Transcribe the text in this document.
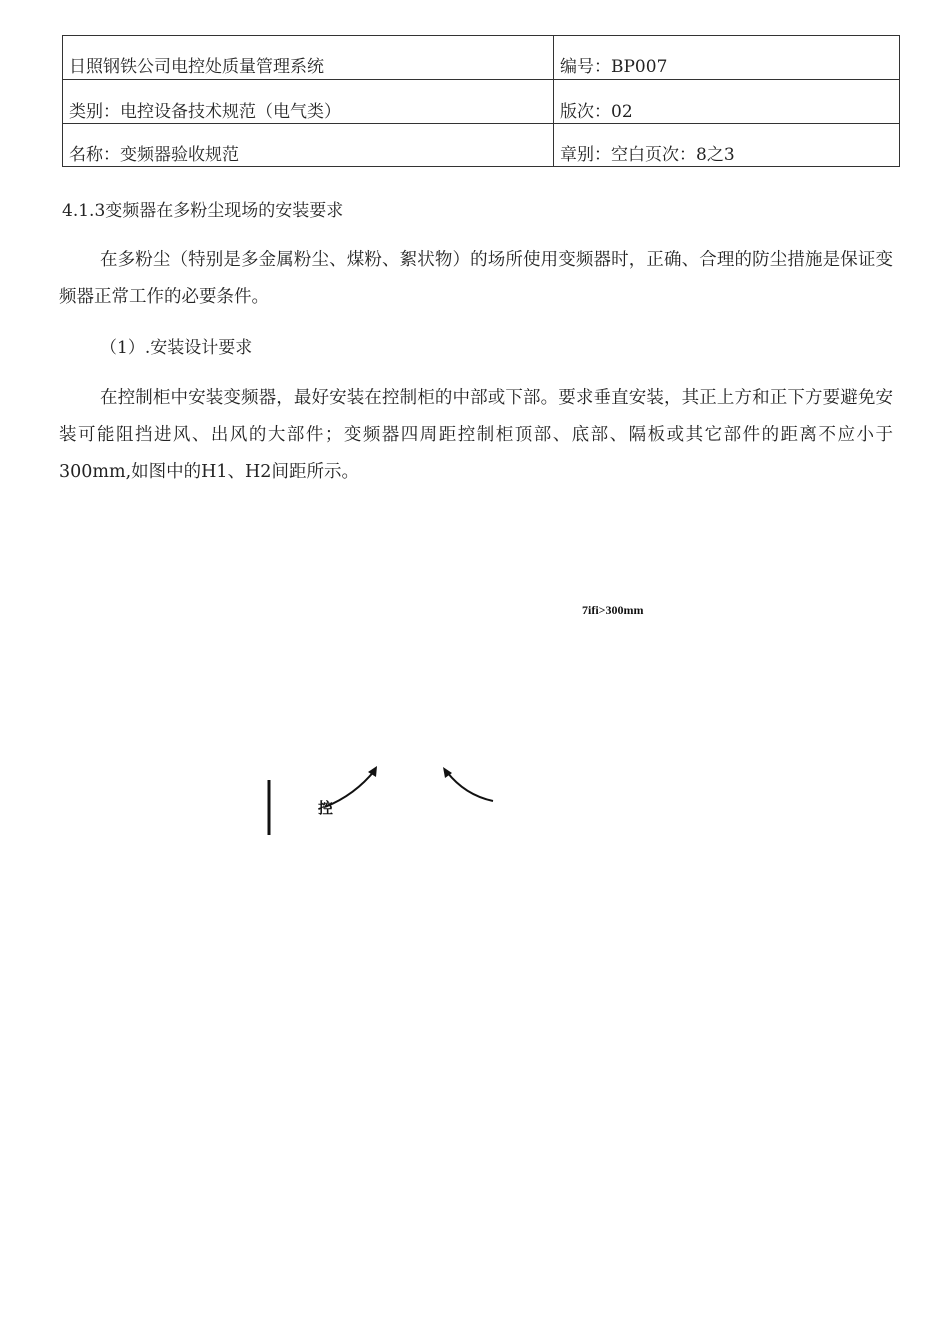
日照钢铁公司电控处质量管理系统	编号：BP007
类别：电控设备技术规范（电气类）	版次：02
名称：变频器验收规范	章别：空白页次：8之3
4.1.3变频器在多粉尘现场的安装要求
在多粉尘（特别是多金属粉尘、煤粉、絮状物）的场所使用变频器时，正确、合理的防尘措施是保证变频器正常工作的必要条件。
（1）.安装设计要求
在控制柜中安装变频器，最好安装在控制柜的中部或下部。要求垂直安装，其正上方和正下方要避免安装可能阻挡进风、出风的大部件；变频器四周距控制柜顶部、底部、隔板或其它部件的距离不应小于300mm,如图中的H1、H2间距所示。
7ifi>300mm
控
